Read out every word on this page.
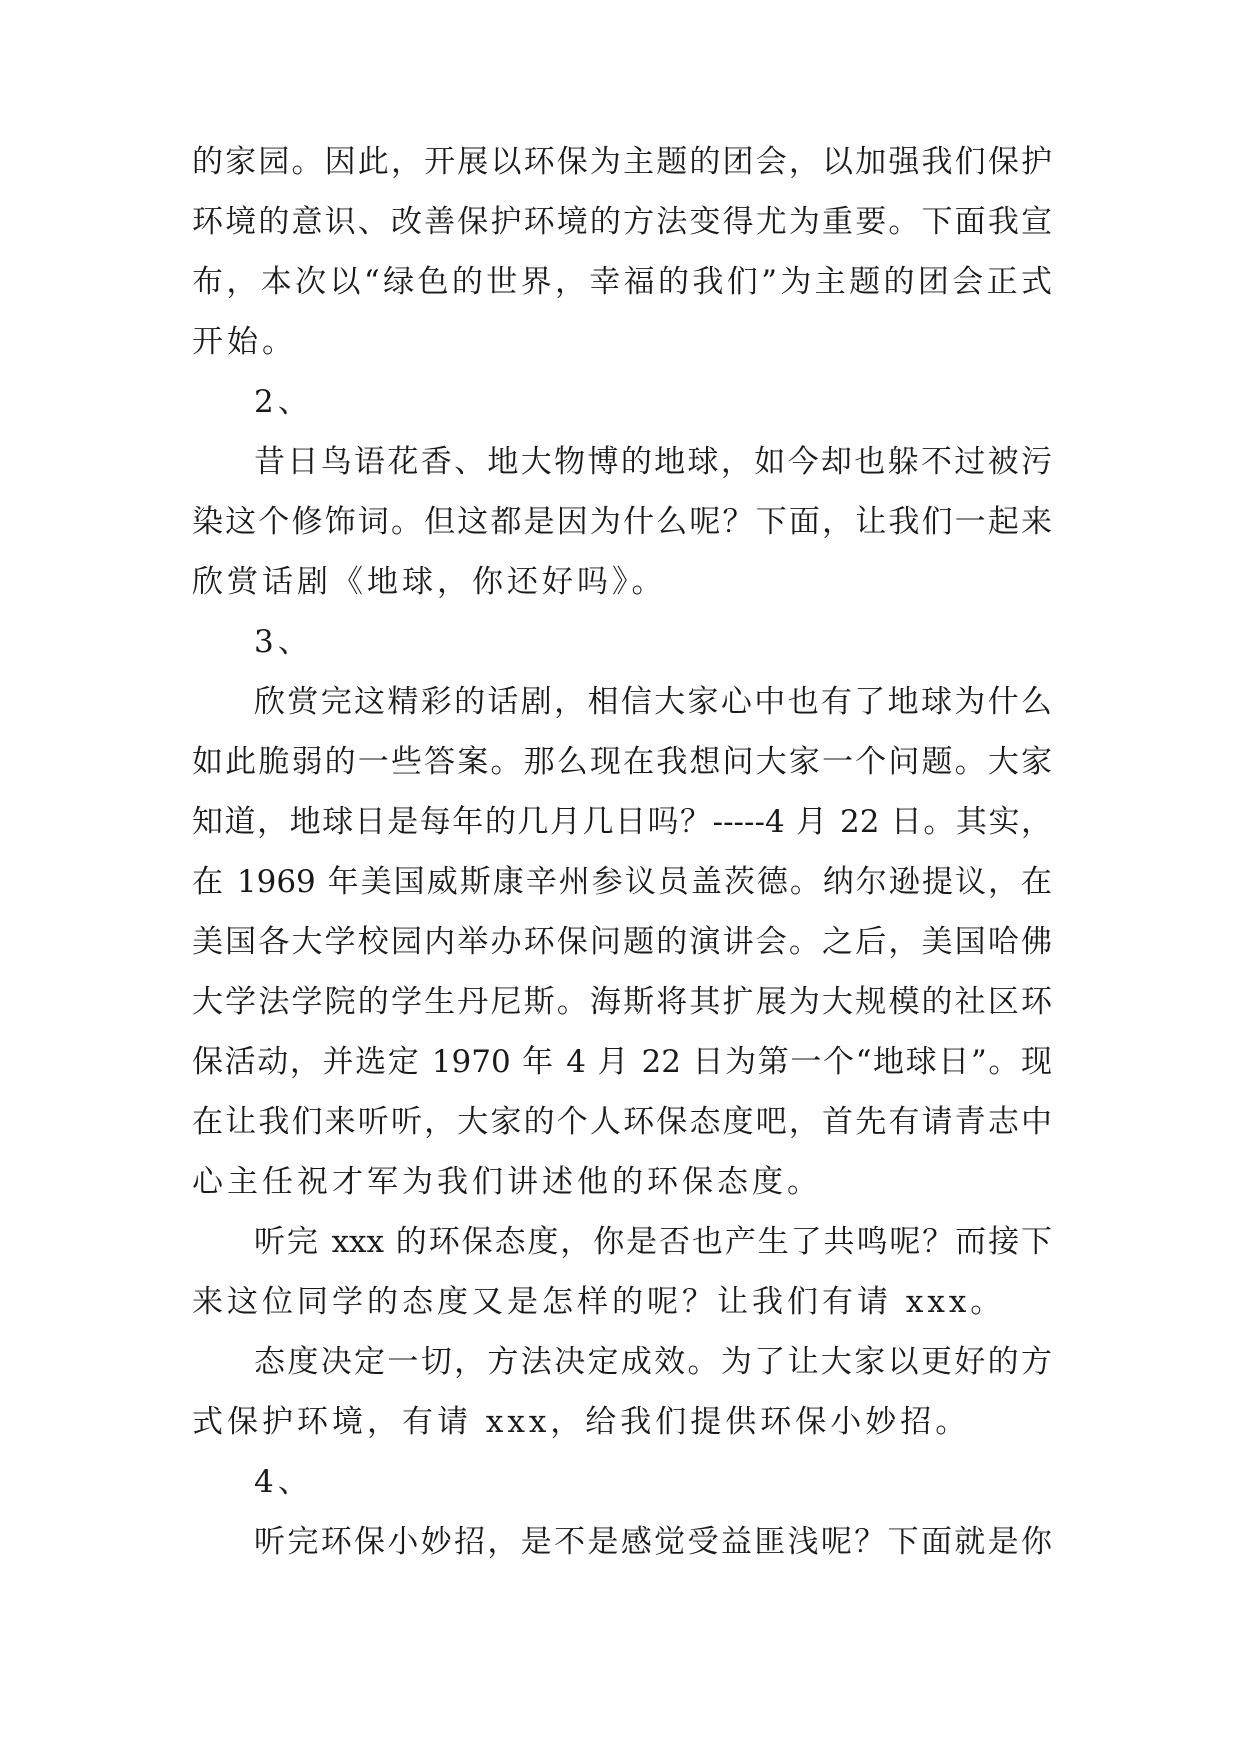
的家园。因此，开展以环保为主题的团会，以加强我们保护
环境的意识、改善保护环境的方法变得尤为重要。下面我宣
布，本次以“绿色的世界，幸福的我们”为主题的团会正式
开始。
2、
昔日鸟语花香、地大物博的地球，如今却也躲不过被污
染这个修饰词。但这都是因为什么呢？下面，让我们一起来
欣赏话剧《地球，你还好吗》。
3、
欣赏完这精彩的话剧，相信大家心中也有了地球为什么
如此脆弱的一些答案。那么现在我想问大家一个问题。大家
知道，地球日是每年的几月几日吗？-----4 月 22 日。其实，
在 1969 年美国威斯康辛州参议员盖茨德。纳尔逊提议，在
美国各大学校园内举办环保问题的演讲会。之后，美国哈佛
大学法学院的学生丹尼斯。海斯将其扩展为大规模的社区环
保活动，并选定 1970 年 4 月 22 日为第一个“地球日”。现
在让我们来听听，大家的个人环保态度吧，首先有请青志中
心主任祝才军为我们讲述他的环保态度。
听完 xxx 的环保态度，你是否也产生了共鸣呢？而接下
来这位同学的态度又是怎样的呢？让我们有请 xxx。
态度决定一切，方法决定成效。为了让大家以更好的方
式保护环境，有请 xxx，给我们提供环保小妙招。
4、
听完环保小妙招，是不是感觉受益匪浅呢？下面就是你
